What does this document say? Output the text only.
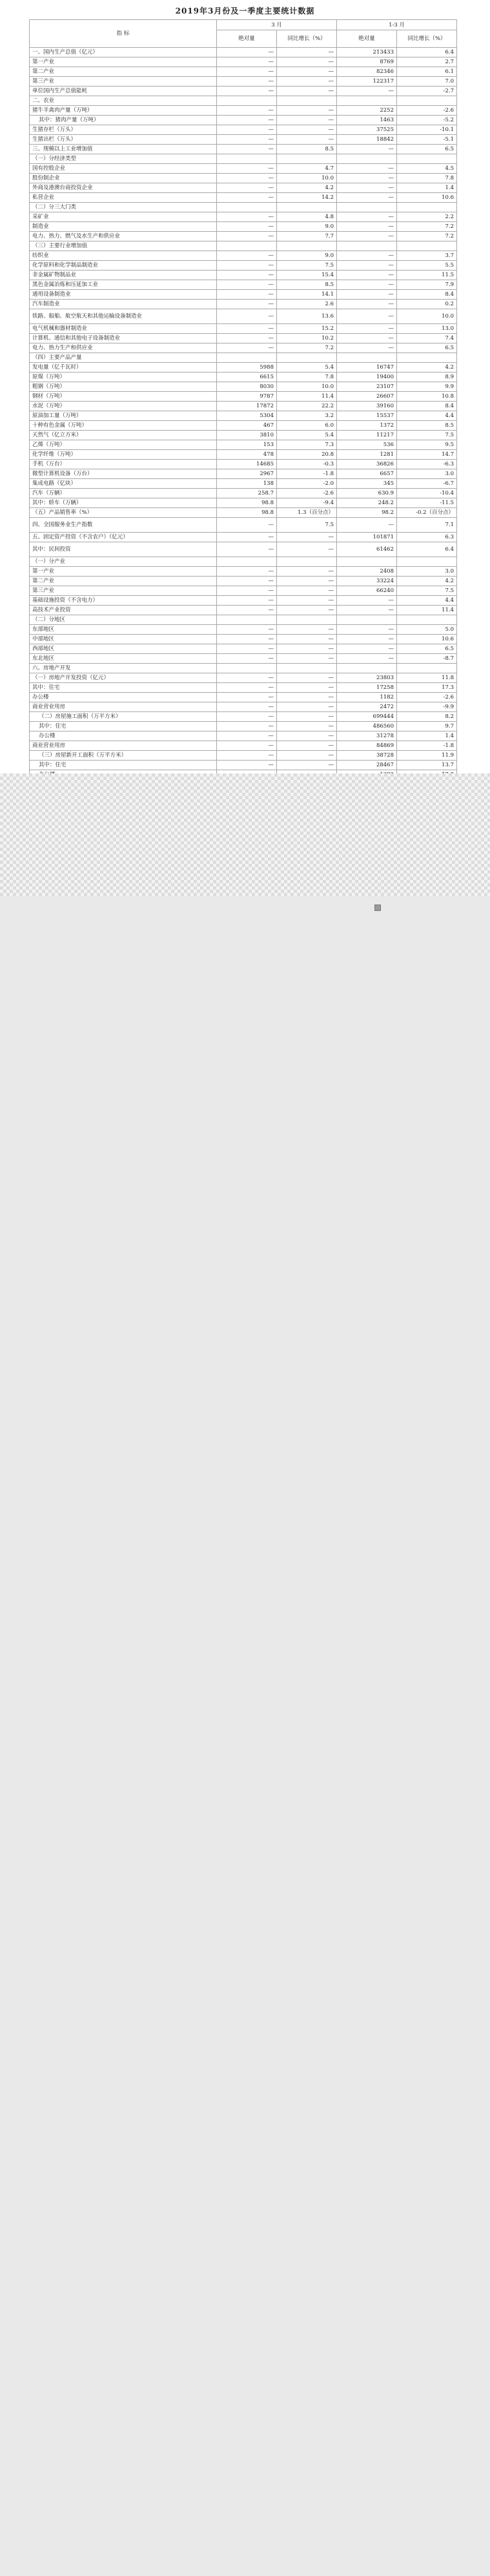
2019年3月份及一季度主要统计数据
指 标	3 月		1-3 月	
	绝对量	同比增长（%）	绝对量	同比增长（%）
一、国内生产总值（亿元）	—	—	213433	6.4
第一产业	—	—	8769	2.7
第二产业	—	—	82346	6.1
第三产业	—	—	122317	7.0
单位国内生产总值能耗	—	—	—	-2.7
二、农业				
猪牛羊禽肉产量（万吨）	—	—	2252	-2.6
其中：猪肉产量（万吨）	—	—	1463	-5.2
生猪存栏（万头）	—	—	37525	-10.1
生猪出栏（万头）	—	—	18842	-5.1
三、规模以上工业增加值	—	8.5	—	6.5
（一）分经济类型				
国有控股企业	—	4.7	—	4.5
股份制企业	—	10.0	—	7.8
外商及港澳台商投资企业	—	4.2	—	1.4
私营企业	—	14.2	—	10.6
（二）分三大门类				
采矿业	—	4.8	—	2.2
制造业	—	9.0	—	7.2
电力、热力、燃气及水生产和供应业	—	7.7	—	7.2
（三）主要行业增加值				
纺织业	—	9.0	—	3.7
化学原料和化学制品制造业	—	7.5	—	5.5
非金属矿物制品业	—	15.4	—	11.5
黑色金属冶炼和压延加工业	—	8.5	—	7.9
通用设备制造业	—	14.1	—	8.4
汽车制造业	—	2.6	—	0.2
铁路、船舶、航空航天和其他运输设备制造业	—	13.6	—	10.0
电气机械和器材制造业	—	15.2	—	13.0
计算机、通信和其他电子设备制造业	—	10.2	—	7.4
电力、热力生产和供应业	—	7.2	—	6.5
（四）主要产品产量				
发电量（亿千瓦时）	5988	5.4	16747	4.2
原煤（万吨）	6615	7.8	19400	8.9
粗钢（万吨）	8030	10.0	23107	9.9
钢材（万吨）	9787	11.4	26607	10.8
水泥（万吨）	17872	22.2	39160	8.4
原油加工量（万吨）	5304	3.2	15537	4.4
十种有色金属（万吨）	467	6.0	1372	8.5
天然气（亿立方米）	3810	5.4	11217	7.5
乙烯（万吨）	153	7.3	536	9.5
化学纤维（万吨）	478	20.8	1281	14.7
手机（万台）	14685	-0.3	36826	-6.3
微型计算机设备（万台）	2967	-1.8	6657	3.0
集成电路（亿块）	138	-2.0	345	-6.7
汽车（万辆）	258.7	-2.6	630.9	-10.4
其中：轿车（万辆）	98.8	-9.4	248.2	-11.5
（五）产品销售率（%）	98.8	1.3（百分点）	98.2	-0.2（百分点）
四、全国服务业生产指数	—	7.5	—	7.1
五、固定资产投资（不含农户）（亿元）	—	—	101871	6.3
其中：民间投资	—	—	61462	6.4
（一）分产业				
第一产业	—	—	2408	3.0
第二产业	—	—	33224	4.2
第三产业	—	—	66240	7.5
基础设施投资（不含电力）	—	—	—	4.4
高技术产业投资	—	—	—	11.4
（二）分地区				
东部地区	—	—	—	5.0
中部地区	—	—	—	10.6
西部地区	—	—	—	6.5
东北地区	—	—	—	-8.7
六、房地产开发				
（一）房地产开发投资（亿元）	—	—	23803	11.8
其中：住宅	—	—	17258	17.3
办公楼	—	—	1182	-2.6
商业营业用房	—	—	2472	-9.9
（二）房屋施工面积（万平方米）	—	—	699444	8.2
其中：住宅	—	—	486560	9.7
办公楼	—	—	31278	1.4
商业营业用房	—	—	84869	-1.8
（三）房屋新开工面积（万平方米）	—	—	38728	11.9
其中：住宅	—	—	28467	13.7
